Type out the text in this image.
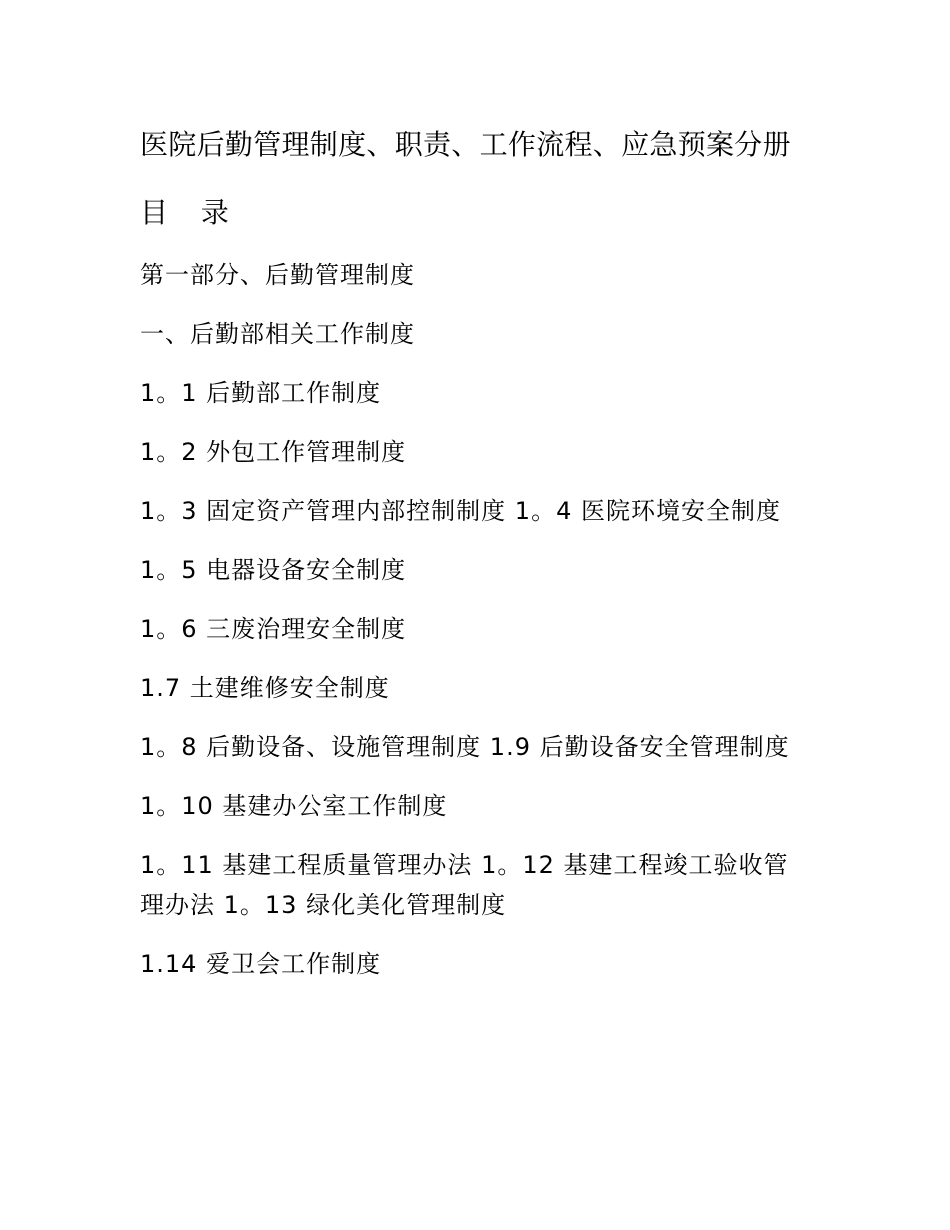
医院后勤管理制度、职责、工作流程、应急预案分册
目 录

第一部分、后勤管理制度

一、后勤部相关工作制度

1。1 后勤部工作制度

1。2 外包工作管理制度

1。3 固定资产管理内部控制制度 1。4 医院环境安全制度

1。5 电器设备安全制度

1。6 三废治理安全制度

1.7 土建维修安全制度

1。8 后勤设备、设施管理制度 1.9 后勤设备安全管理制度

1。10 基建办公室工作制度

1。11 基建工程质量管理办法 1。12 基建工程竣工验收管理办法 1。13 绿化美化管理制度

1.14 爱卫会工作制度
